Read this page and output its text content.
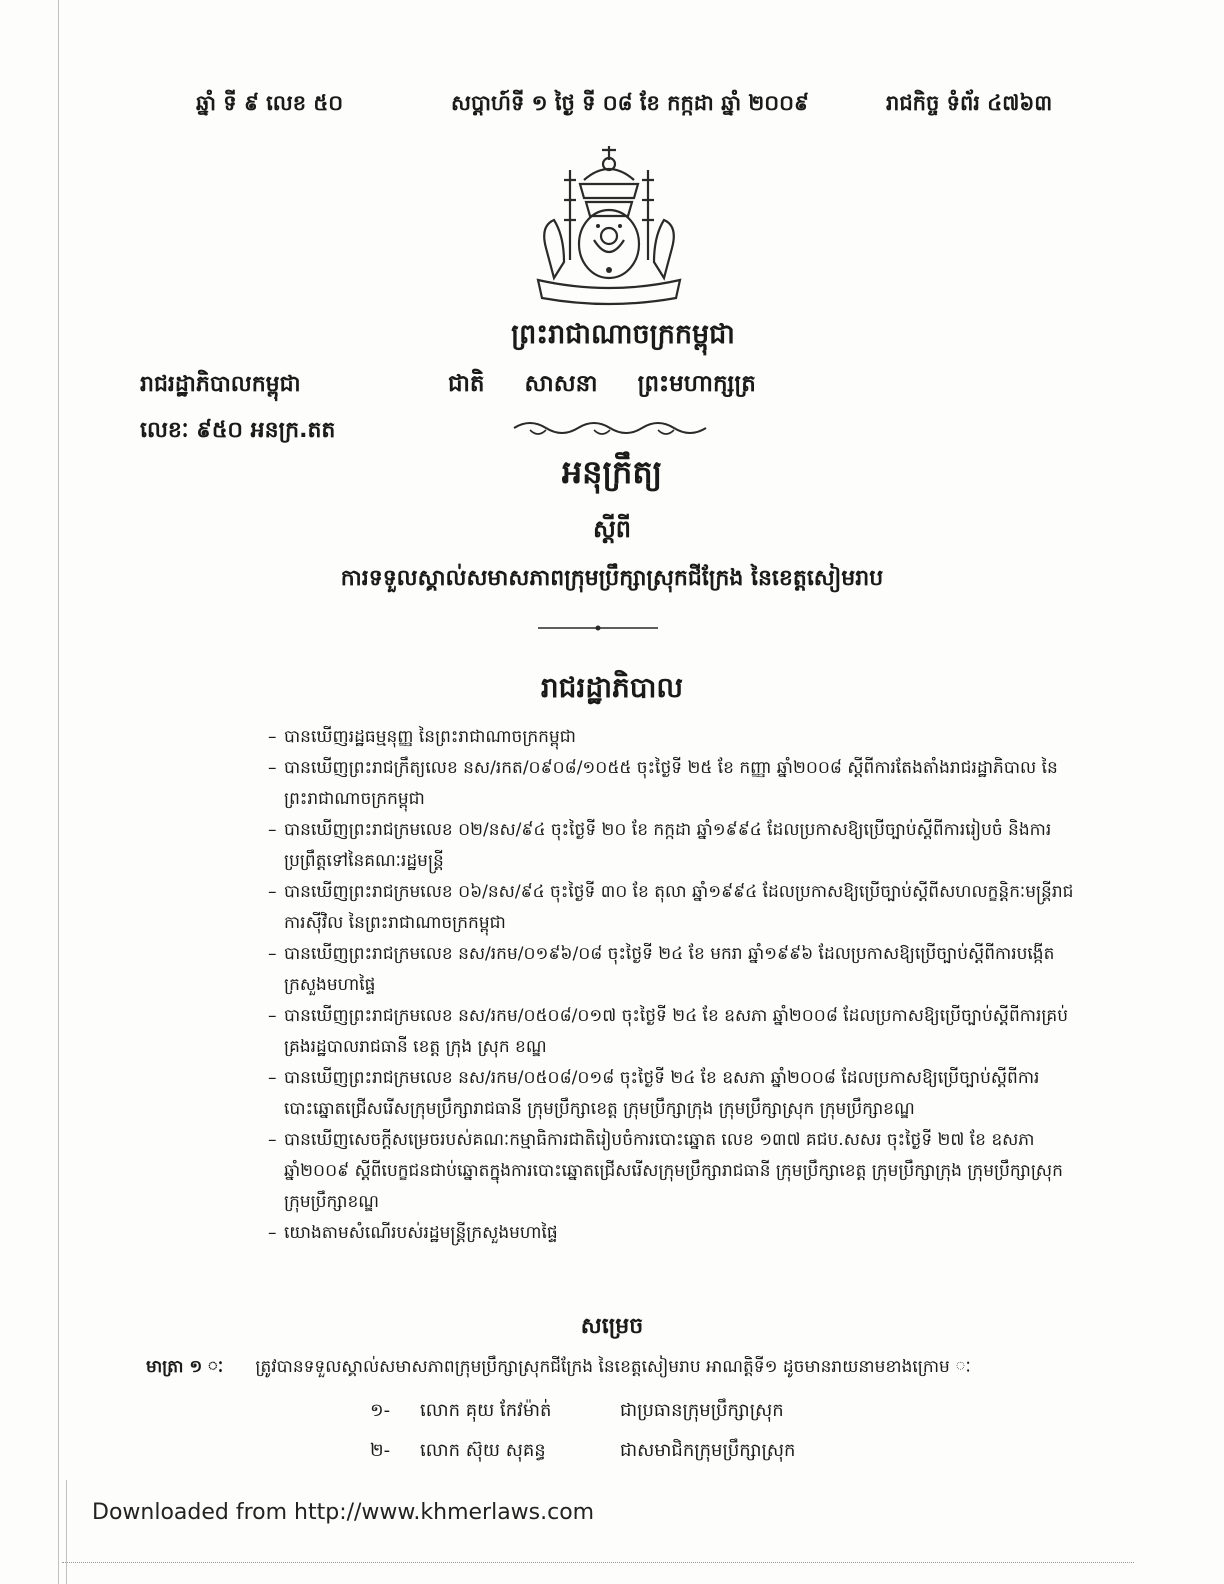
ឆ្នាំ ទី ៩ លេខ ៥០	សប្ដាហ៍ទី ១ ថ្ងៃ ទី ០៨ ខែ កក្កដា ឆ្នាំ ២០០៩	រាជកិច្ច ទំព័រ ៤៧៦៣
ព្រះរាជាណាចក្រកម្ពុជា
រាជរដ្ឋាភិបាលកម្ពុជា
លេខៈ ៩៥០ អនក្រ.តត
ជាតិ សាសនា ព្រះមហាក្សត្រ
អនុក្រឹត្យ
ស្តីពី
ការទទួលស្គាល់សមាសភាពក្រុមប្រឹក្សាស្រុកជីក្រែង នៃខេត្តសៀមរាប
រាជរដ្ឋាភិបាល
– បានឃើញរដ្ឋធម្មនុញ្ញ នៃព្រះរាជាណាចក្រកម្ពុជា
– បានឃើញព្រះរាជក្រឹត្យលេខ នស/រកត/០៩០៨/១០៥៥ ចុះថ្ងៃទី ២៥ ខែ កញ្ញា ឆ្នាំ២០០៨ ស្តីពីការតែងតាំងរាជរដ្ឋាភិបាល នៃព្រះរាជាណាចក្រកម្ពុជា
– បានឃើញព្រះរាជក្រមលេខ ០២/នស/៩៤ ចុះថ្ងៃទី ២០ ខែ កក្កដា ឆ្នាំ១៩៩៤ ដែលប្រកាសឱ្យប្រើច្បាប់ស្តីពីការរៀបចំ និងការប្រព្រឹត្តទៅនៃគណៈរដ្ឋមន្ត្រី
– បានឃើញព្រះរាជក្រមលេខ ០៦/នស/៩៤ ចុះថ្ងៃទី ៣០ ខែ តុលា ឆ្នាំ១៩៩៤ ដែលប្រកាសឱ្យប្រើច្បាប់ស្តីពីសហលក្ខន្តិកៈមន្ត្រីរាជការស៊ីវិល នៃព្រះរាជាណាចក្រកម្ពុជា
– បានឃើញព្រះរាជក្រមលេខ នស/រកម/០១៩៦/០៨ ចុះថ្ងៃទី ២៤ ខែ មករា ឆ្នាំ១៩៩៦ ដែលប្រកាសឱ្យប្រើច្បាប់ស្តីពីការបង្កើតក្រសួងមហាផ្ទៃ
– បានឃើញព្រះរាជក្រមលេខ នស/រកម/០៥០៨/០១៧ ចុះថ្ងៃទី ២៤ ខែ ឧសភា ឆ្នាំ២០០៨ ដែលប្រកាសឱ្យប្រើច្បាប់ស្តីពីការគ្រប់គ្រងរដ្ឋបាលរាជធានី ខេត្ត ក្រុង ស្រុក ខណ្ឌ
– បានឃើញព្រះរាជក្រមលេខ នស/រកម/០៥០៨/០១៨ ចុះថ្ងៃទី ២៤ ខែ ឧសភា ឆ្នាំ២០០៨ ដែលប្រកាសឱ្យប្រើច្បាប់ស្តីពីការបោះឆ្នោតជ្រើសរើសក្រុមប្រឹក្សារាជធានី ក្រុមប្រឹក្សាខេត្ត ក្រុមប្រឹក្សាក្រុង ក្រុមប្រឹក្សាស្រុក ក្រុមប្រឹក្សាខណ្ឌ
– បានឃើញសេចក្តីសម្រេចរបស់គណៈកម្មាធិការជាតិរៀបចំការបោះឆ្នោត លេខ ១៣៧ គជប.សសរ ចុះថ្ងៃទី ២៧ ខែ ឧសភា ឆ្នាំ២០០៩ ស្តីពីបេក្ខជនជាប់ឆ្នោតក្នុងការបោះឆ្នោតជ្រើសរើសក្រុមប្រឹក្សារាជធានី ក្រុមប្រឹក្សាខេត្ត ក្រុមប្រឹក្សាក្រុង ក្រុមប្រឹក្សាស្រុក ក្រុមប្រឹក្សាខណ្ឌ
– យោងតាមសំណើរបស់រដ្ឋមន្ត្រីក្រសួងមហាផ្ទៃ
សម្រេច
មាត្រា ១ ៈ ត្រូវបានទទួលស្គាល់សមាសភាពក្រុមប្រឹក្សាស្រុកជីក្រែង នៃខេត្តសៀមរាប អាណត្តិទី១ ដូចមានរាយនាមខាងក្រោម ៈ
១- លោក គុយ កែវម៉ាត់	ជាប្រធានក្រុមប្រឹក្សាស្រុក
២- លោក ស៊ុយ សុគន្ធ	ជាសមាជិកក្រុមប្រឹក្សាស្រុក
Downloaded from http://www.khmerlaws.com
